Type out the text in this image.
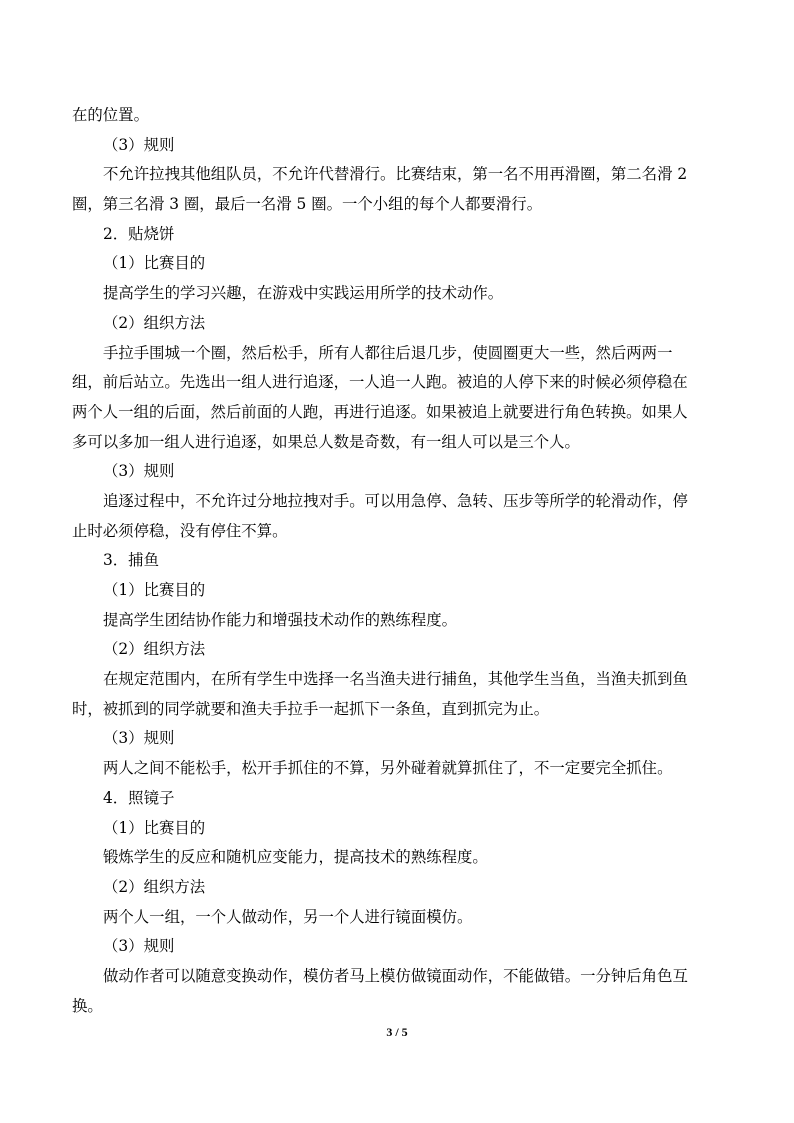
在的位置。
（3）规则
不允许拉拽其他组队员，不允许代替滑行。比赛结束，第一名不用再滑圈，第二名滑 2
圈，第三名滑 3 圈，最后一名滑 5 圈。一个小组的每个人都要滑行。
2．贴烧饼
（1）比赛目的
提高学生的学习兴趣，在游戏中实践运用所学的技术动作。
（2）组织方法
手拉手围城一个圈，然后松手，所有人都往后退几步，使圆圈更大一些，然后两两一
组，前后站立。先选出一组人进行追逐，一人追一人跑。被追的人停下来的时候必须停稳在
两个人一组的后面，然后前面的人跑，再进行追逐。如果被追上就要进行角色转换。如果人
多可以多加一组人进行追逐，如果总人数是奇数，有一组人可以是三个人。
（3）规则
追逐过程中，不允许过分地拉拽对手。可以用急停、急转、压步等所学的轮滑动作，停
止时必须停稳，没有停住不算。
3．捕鱼
（1）比赛目的
提高学生团结协作能力和增强技术动作的熟练程度。
（2）组织方法
在规定范围内，在所有学生中选择一名当渔夫进行捕鱼，其他学生当鱼，当渔夫抓到鱼
时，被抓到的同学就要和渔夫手拉手一起抓下一条鱼，直到抓完为止。
（3）规则
两人之间不能松手，松开手抓住的不算，另外碰着就算抓住了，不一定要完全抓住。
4．照镜子
（1）比赛目的
锻炼学生的反应和随机应变能力，提高技术的熟练程度。
（2）组织方法
两个人一组，一个人做动作，另一个人进行镜面模仿。
（3）规则
做动作者可以随意变换动作，模仿者马上模仿做镜面动作，不能做错。一分钟后角色互
换。
3 / 5
